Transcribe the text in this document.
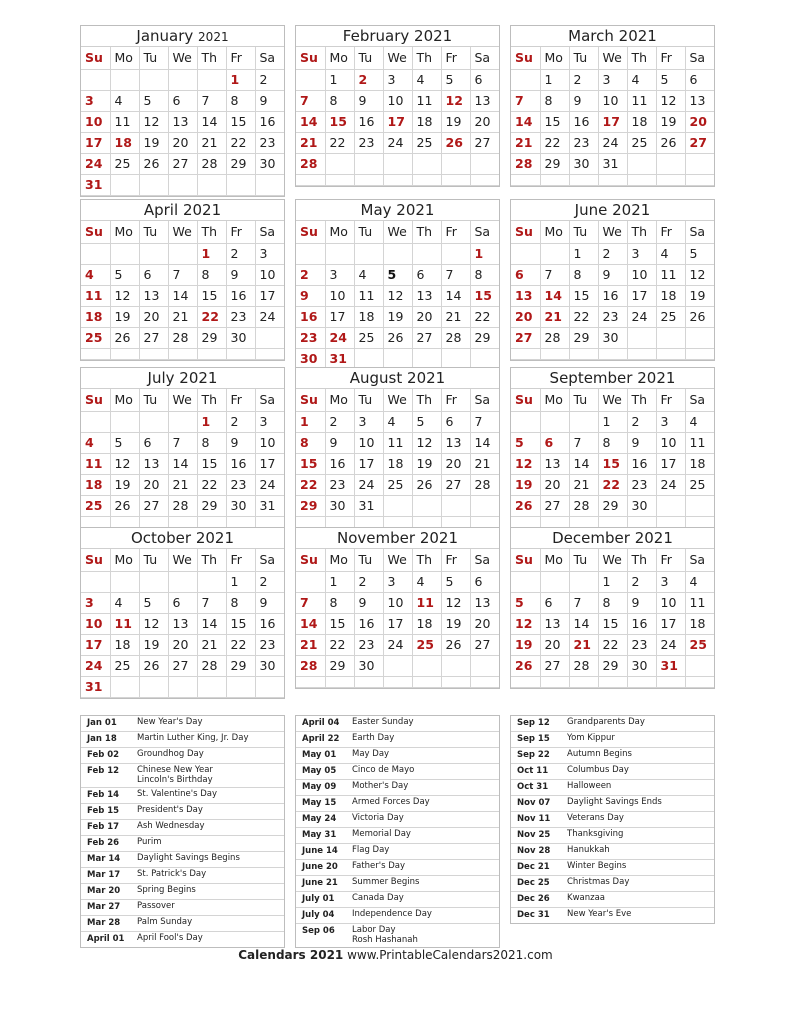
January 2021
Su	Mo	Tu	We	Th	Fr	Sa
					1	2
3	4	5	6	7	8	9
10	11	12	13	14	15	16
17	18	19	20	21	22	23
24	25	26	27	28	29	30
31						
February 2021
Su	Mo	Tu	We	Th	Fr	Sa
	1	2	3	4	5	6
7	8	9	10	11	12	13
14	15	16	17	18	19	20
21	22	23	24	25	26	27
28						

March 2021
Su	Mo	Tu	We	Th	Fr	Sa
	1	2	3	4	5	6
7	8	9	10	11	12	13
14	15	16	17	18	19	20
21	22	23	24	25	26	27
28	29	30	31			

April 2021
Su	Mo	Tu	We	Th	Fr	Sa
				1	2	3
4	5	6	7	8	9	10
11	12	13	14	15	16	17
18	19	20	21	22	23	24
25	26	27	28	29	30	

May 2021
Su	Mo	Tu	We	Th	Fr	Sa
						1
2	3	4	5	6	7	8
9	10	11	12	13	14	15
16	17	18	19	20	21	22
23	24	25	26	27	28	29
30	31					
June 2021
Su	Mo	Tu	We	Th	Fr	Sa
		1	2	3	4	5
6	7	8	9	10	11	12
13	14	15	16	17	18	19
20	21	22	23	24	25	26
27	28	29	30			

July 2021
Su	Mo	Tu	We	Th	Fr	Sa
				1	2	3
4	5	6	7	8	9	10
11	12	13	14	15	16	17
18	19	20	21	22	23	24
25	26	27	28	29	30	31

August 2021
Su	Mo	Tu	We	Th	Fr	Sa
1	2	3	4	5	6	7
8	9	10	11	12	13	14
15	16	17	18	19	20	21
22	23	24	25	26	27	28
29	30	31				

September 2021
Su	Mo	Tu	We	Th	Fr	Sa
			1	2	3	4
5	6	7	8	9	10	11
12	13	14	15	16	17	18
19	20	21	22	23	24	25
26	27	28	29	30		

October 2021
Su	Mo	Tu	We	Th	Fr	Sa
					1	2
3	4	5	6	7	8	9
10	11	12	13	14	15	16
17	18	19	20	21	22	23
24	25	26	27	28	29	30
31						
November 2021
Su	Mo	Tu	We	Th	Fr	Sa
	1	2	3	4	5	6
7	8	9	10	11	12	13
14	15	16	17	18	19	20
21	22	23	24	25	26	27
28	29	30				

December 2021
Su	Mo	Tu	We	Th	Fr	Sa
			1	2	3	4
5	6	7	8	9	10	11
12	13	14	15	16	17	18
19	20	21	22	23	24	25
26	27	28	29	30	31	

Jan 01	New Year's Day
Jan 18	Martin Luther King, Jr. Day
Feb 02	Groundhog Day
Feb 12	Chinese New Year
Lincoln's Birthday
Feb 14	St. Valentine's Day
Feb 15	President's Day
Feb 17	Ash Wednesday
Feb 26	Purim
Mar 14	Daylight Savings Begins
Mar 17	St. Patrick's Day
Mar 20	Spring Begins
Mar 27	Passover
Mar 28	Palm Sunday
April 01	April Fool's Day
April 04	Easter Sunday
April 22	Earth Day
May 01	May Day
May 05	Cinco de Mayo
May 09	Mother's Day
May 15	Armed Forces Day
May 24	Victoria Day
May 31	Memorial Day
June 14	Flag Day
June 20	Father's Day
June 21	Summer Begins
July 01	Canada Day
July 04	Independence Day
Sep 06	Labor Day
Rosh Hashanah
Sep 12	Grandparents Day
Sep 15	Yom Kippur
Sep 22	Autumn Begins
Oct 11	Columbus Day
Oct 31	Halloween
Nov 07	Daylight Savings Ends
Nov 11	Veterans Day
Nov 25	Thanksgiving
Nov 28	Hanukkah
Dec 21	Winter Begins
Dec 25	Christmas Day
Dec 26	Kwanzaa
Dec 31	New Year's Eve
Calendars 2021 www.PrintableCalendars2021.com
